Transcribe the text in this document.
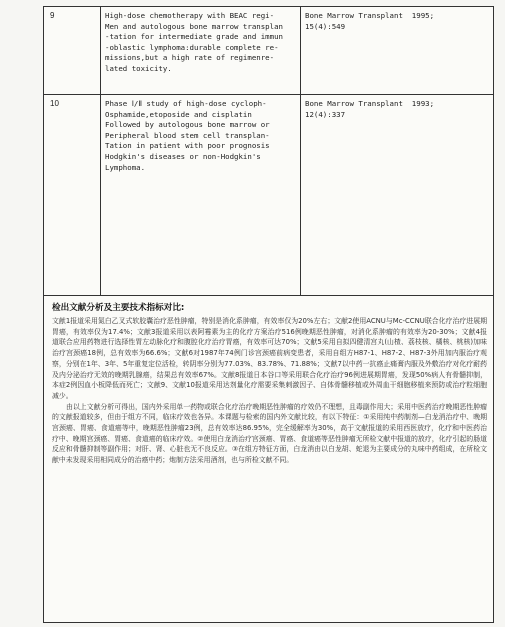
9	High-dose chemotherapy with BEAC regi-
Men and autologous bone marrow transplan
-tation for intermediate grade and immun
-oblastic lymphoma:durable complete re-
missions,but a high rate of regimenre-
lated toxicity.
Bone Marrow Transplant  1995;
15(4):549
10	Phase Ⅰ/Ⅱ study of high-dose cycloph-
Osphamide,etoposide and cisplatin
Followed by autologous bone marrow or
Peripheral blood stem cell transplan-
Tation in patient with poor prognosis
Hodgkin's diseases or non-Hodgkin's
Lymphoma.
Bone Marrow Transplant  1993;
12(4):337
检出文献分析及主要技术指标对比:

文献1报道采用氮白乙叉式软胶囊治疗恶性肿瘤，特别是消化系肿瘤，有效率仅为20%左右；文献2使用ACNU与Mc-CCNU联合化疗治疗进展期胃癌，有效率仅为17.4%；文献3报道采用以表阿霉素为主的化疗方案治疗516例晚期恶性肿瘤，对消化系肿瘤的有效率为20-30%；文献4报道联合应用药物进行选择性胃左动脉化疗和腹腔化疗治疗胃癌，有效率可达70%；文献5采用自拟四健清宫丸(山楂、荔枝核、橘核、桃核)加味治疗宫颈癌18例，总有效率为66.6%；文献6对1987年74例门诊宫颈癌前病变患者，采用自组方H87-1、H87-2、H87-3外用加内服治疗观察，分别在1年、3年、5年重复定位活检，转阴率分别为77.03%、83.78%、71.88%；文献7以中药一抗癌止痛膏内服及外敷治疗对化疗耐药及内分泌治疗无效的晚期乳腺癌，结果总有效率67%。文献8报道日本谷口等采用联合化疗治疗96例进展期胃癌，发现50%病人有骨髓抑制，本症2例因血小板降低而死亡；文献9、文献10报道采用达剂量化疗需要采集刺激因子、自体骨髓移植或外周血干细胞移植来预防或治疗粒细胞减少。

由以上文献分析可得出，国内外采用单一药物或联合化疗治疗晚期恶性肿瘤的疗效仍不理想，且毒副作用大；采用中医药治疗晚期恶性肿瘤的文献报道较多，但由于组方不同，临床疗效也各异。本课题与检索的国内外文献比较，有以下特征：①采用纯中药制剂—白龙消治疗中、晚期宫颈癌、胃癌、食道癌等中，晚期恶性肿瘤23例，总有效率达86.95%，完全缓解率为30%，高于文献报道的采用西医放疗，化疗和中医药治疗中、晚期宫颈癌、胃癌、食道癌的临床疗效。②使用白龙消治疗宫颈癌、胃癌、食道癌等恶性肿瘤无所检文献中报道的放疗，化疗引起的肠道反应和骨髓抑制等副作用；对肝、肾、心脏也无不良反应。③在组方特征方面，白龙消由以白龙胡、蛇退为主要成分的丸味中药组成，在所检文献中未发现采用相同成分的治癌中药；炮制方法采用酒剂，也与所检文献不同。
